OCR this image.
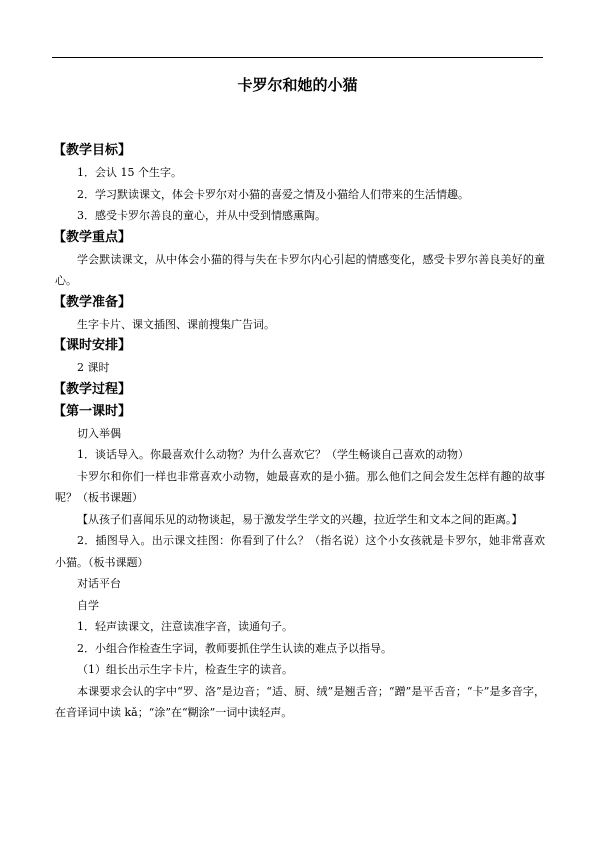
卡罗尔和她的小猫
【教学目标】
1．会认 15 个生字。
2．学习默读课文，体会卡罗尔对小猫的喜爱之情及小猫给人们带来的生活情趣。
3．感受卡罗尔善良的童心，并从中受到情感熏陶。
【教学重点】
学会默读课文，从中体会小猫的得与失在卡罗尔内心引起的情感变化，感受卡罗尔善良美好的童心。
【教学准备】
生字卡片、课文插图、课前搜集广告词。
【课时安排】
2 课时
【教学过程】
【第一课时】
切入举偶
1．谈话导入。你最喜欢什么动物？为什么喜欢它？（学生畅谈自己喜欢的动物）
卡罗尔和你们一样也非常喜欢小动物，她最喜欢的是小猫。那么他们之间会发生怎样有趣的故事呢？（板书课题）
【从孩子们喜闻乐见的动物谈起，易于激发学生学文的兴趣，拉近学生和文本之间的距离。】
2．插图导入。出示课文挂图：你看到了什么？（指名说）这个小女孩就是卡罗尔，她非常喜欢小猫。（板书课题）
对话平台
自学
1．轻声读课文，注意读准字音，读通句子。
2．小组合作检查生字词，教师要抓住学生认读的难点予以指导。
（1）组长出示生字卡片，检查生字的读音。
本课要求会认的字中“罗、洛”是边音；“适、厨、绒”是翘舌音；“蹭”是平舌音；“卡”是多音字，在音译词中读 kǎ；“涂”在“糊涂”一词中读轻声。
